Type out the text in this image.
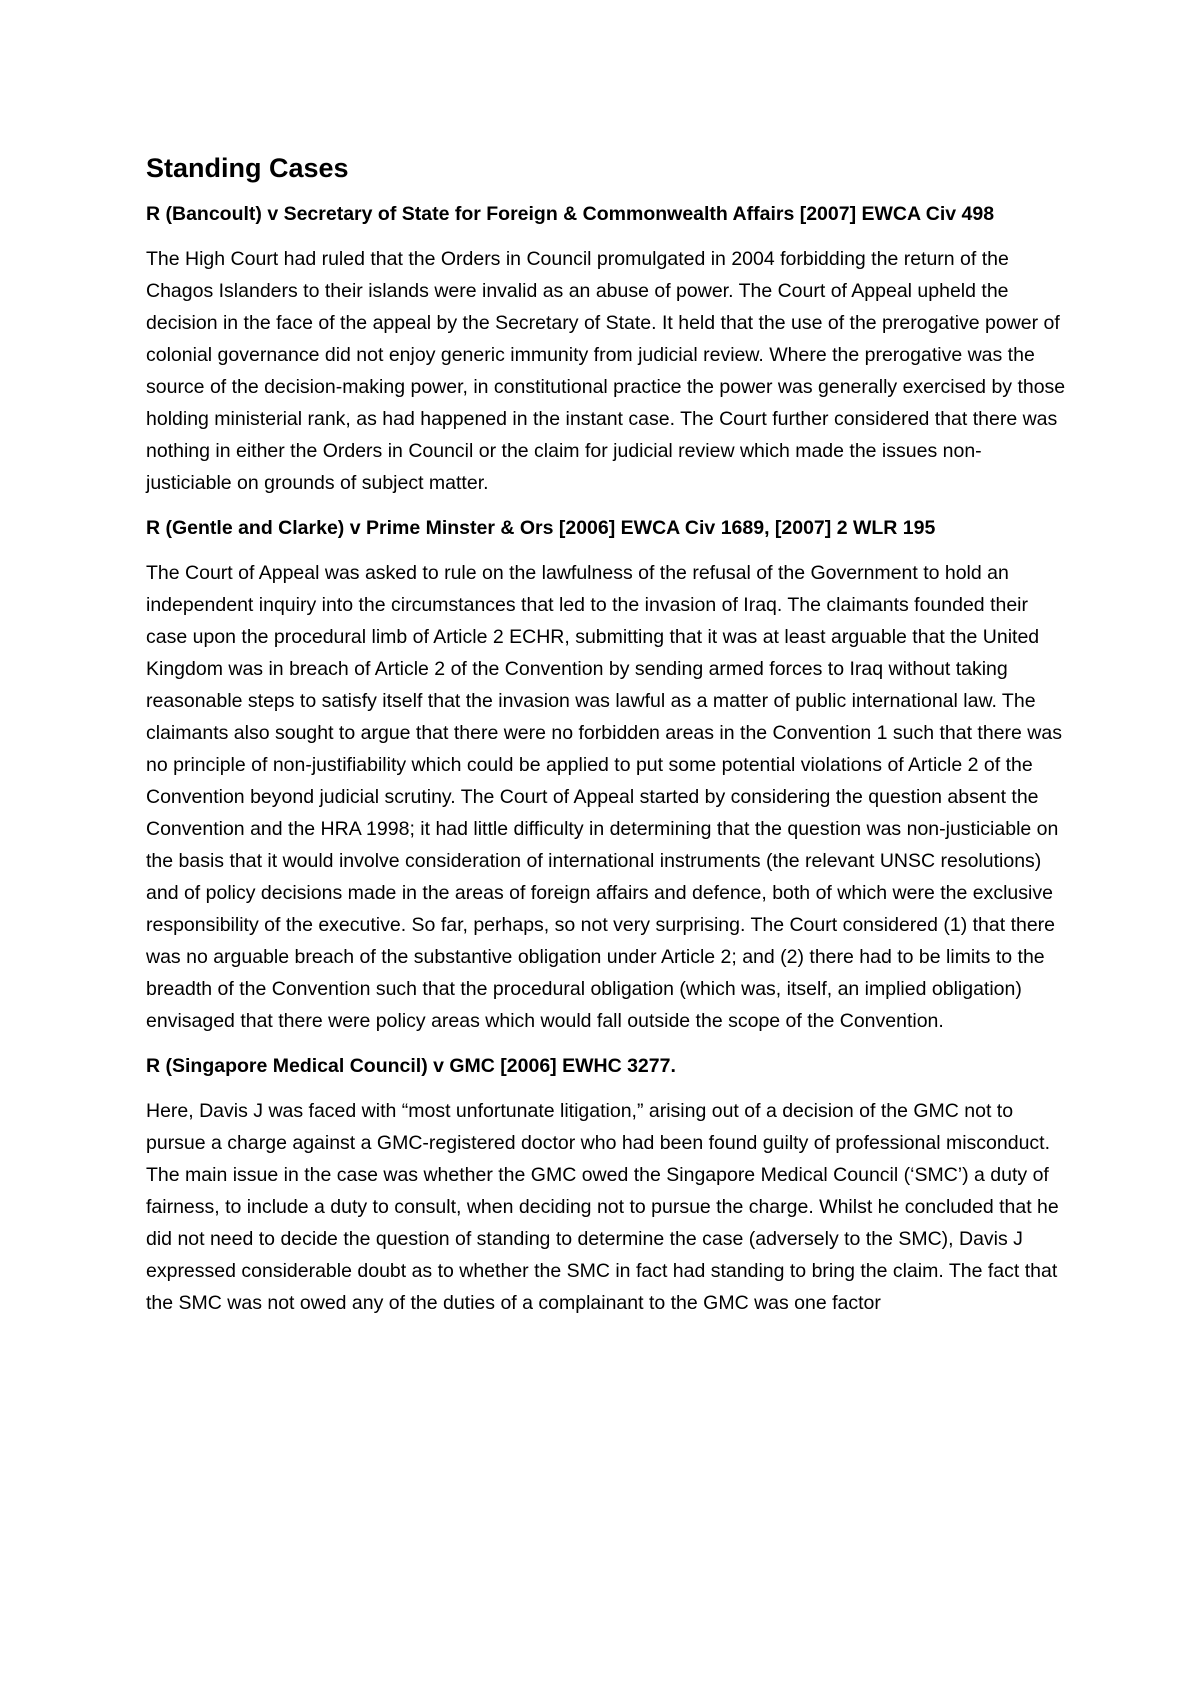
Standing Cases
R (Bancoult) v Secretary of State for Foreign & Commonwealth Affairs [2007] EWCA Civ 498
The High Court had ruled that the Orders in Council promulgated in 2004 forbidding the return of the Chagos Islanders to their islands were invalid as an abuse of power. The Court of Appeal upheld the decision in the face of the appeal by the Secretary of State. It held that the use of the prerogative power of colonial governance did not enjoy generic immunity from judicial review. Where the prerogative was the source of the decision-making power, in constitutional practice the power was generally exercised by those holding ministerial rank, as had happened in the instant case. The Court further considered that there was nothing in either the Orders in Council or the claim for judicial review which made the issues non-justiciable on grounds of subject matter.
R (Gentle and Clarke) v Prime Minster & Ors [2006] EWCA Civ 1689, [2007] 2 WLR 195
The Court of Appeal was asked to rule on the lawfulness of the refusal of the Government to hold an independent inquiry into the circumstances that led to the invasion of Iraq. The claimants founded their case upon the procedural limb of Article 2 ECHR, submitting that it was at least arguable that the United Kingdom was in breach of Article 2 of the Convention by sending armed forces to Iraq without taking reasonable steps to satisfy itself that the invasion was lawful as a matter of public international law. The claimants also sought to argue that there were no forbidden areas in the Convention 1 such that there was no principle of non-justifiability which could be applied to put some potential violations of Article 2 of the Convention beyond judicial scrutiny. The Court of Appeal started by considering the question absent the Convention and the HRA 1998; it had little difficulty in determining that the question was non-justiciable on the basis that it would involve consideration of international instruments (the relevant UNSC resolutions) and of policy decisions made in the areas of foreign affairs and defence, both of which were the exclusive responsibility of the executive. So far, perhaps, so not very surprising. The Court considered (1) that there was no arguable breach of the substantive obligation under Article 2; and (2) there had to be limits to the breadth of the Convention such that the procedural obligation (which was, itself, an implied obligation) envisaged that there were policy areas which would fall outside the scope of the Convention.
R (Singapore Medical Council) v GMC [2006] EWHC 3277.
Here, Davis J was faced with “most unfortunate litigation,” arising out of a decision of the GMC not to pursue a charge against a GMC-registered doctor who had been found guilty of professional misconduct. The main issue in the case was whether the GMC owed the Singapore Medical Council (‘SMC’) a duty of fairness, to include a duty to consult, when deciding not to pursue the charge. Whilst he concluded that he did not need to decide the question of standing to determine the case (adversely to the SMC), Davis J expressed considerable doubt as to whether the SMC in fact had standing to bring the claim. The fact that the SMC was not owed any of the duties of a complainant to the GMC was one factor
